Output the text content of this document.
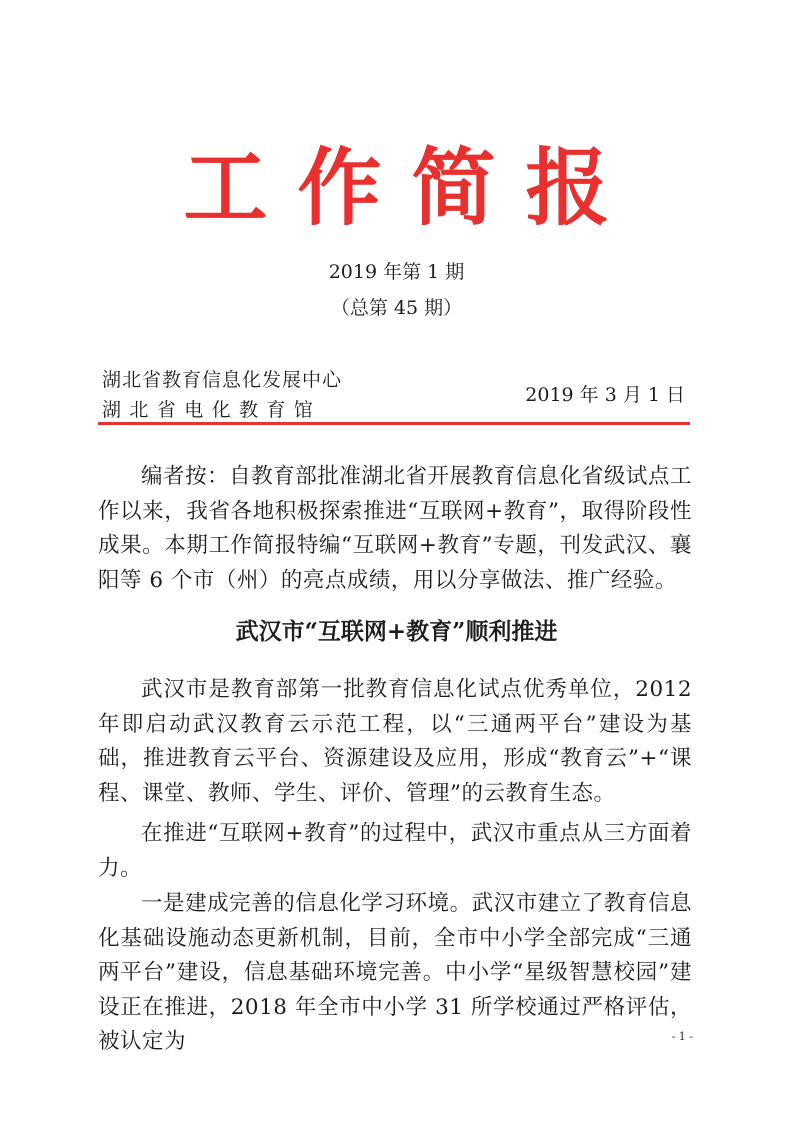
工作简报
2019 年第 1 期
（总第 45 期）
湖北省教育信息化发展中心
湖北省电化教育馆
2019 年 3 月 1 日
编者按：自教育部批准湖北省开展教育信息化省级试点工作以来，我省各地积极探索推进“互联网+教育”，取得阶段性成果。本期工作简报特编“互联网+教育”专题，刊发武汉、襄阳等 6 个市（州）的亮点成绩，用以分享做法、推广经验。
武汉市“互联网+教育”顺利推进
武汉市是教育部第一批教育信息化试点优秀单位，2012 年即启动武汉教育云示范工程，以“三通两平台”建设为基础，推进教育云平台、资源建设及应用，形成“教育云”+“课程、课堂、教师、学生、评价、管理”的云教育生态。
在推进“互联网+教育”的过程中，武汉市重点从三方面着力。
一是建成完善的信息化学习环境。武汉市建立了教育信息化基础设施动态更新机制，目前，全市中小学全部完成“三通两平台”建设，信息基础环境完善。中小学“星级智慧校园”建设正在推进，2018 年全市中小学 31 所学校通过严格评估，被认定为	- 1 -
